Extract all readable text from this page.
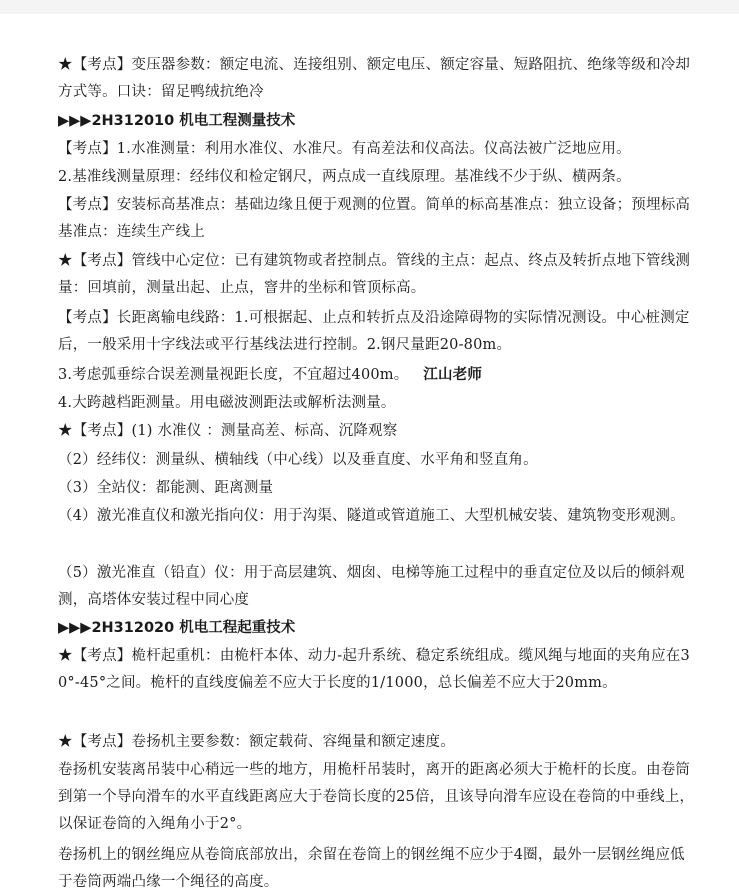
★【考点】变压器参数：额定电流、连接组别、额定电压、额定容量、短路阻抗、绝缘等级和冷却方式等。口诀：留足鸭绒抗绝冷
▶▶▶2H312010 机电工程测量技术
【考点】1.水准测量：利用水准仪、水准尺。有高差法和仪高法。仪高法被广泛地应用。
2.基准线测量原理：经纬仪和检定钢尺，两点成一直线原理。基准线不少于纵、横两条。
【考点】安装标高基准点：基础边缘且便于观测的位置。简单的标高基准点：独立设备；预埋标高基准点：连续生产线上
★【考点】管线中心定位：已有建筑物或者控制点。管线的主点：起点、终点及转折点地下管线测量：回填前，测量出起、止点，窨井的坐标和管顶标高。
【考点】长距离输电线路：1.可根据起、止点和转折点及沿途障碍物的实际情况测设。中心桩测定后，一般采用十字线法或平行基线法进行控制。2.钢尺量距20-80m。
3.考虑弧垂综合误差测量视距长度，不宜超过400m。 江山老师
4.大跨越档距测量。用电磁波测距法或解析法测量。
★【考点】(1) 水准仪 ：测量高差、标高、沉降观察
（2）经纬仪：测量纵、横轴线（中心线）以及垂直度、水平角和竖直角。
（3）全站仪：都能测、距离测量
（4）激光准直仪和激光指向仪：用于沟渠、隧道或管道施工、大型机械安装、建筑物变形观测。
（5）激光准直（铅直）仪：用于高层建筑、烟囱、电梯等施工过程中的垂直定位及以后的倾斜观测，高塔体安装过程中同心度
▶▶▶2H312020 机电工程起重技术
★【考点】桅杆起重机：由桅杆本体、动力-起升系统、稳定系统组成。缆风绳与地面的夹角应在30°-45°之间。桅杆的直线度偏差不应大于长度的1/1000，总长偏差不应大于20mm。
★【考点】卷扬机主要参数：额定载荷、容绳量和额定速度。
卷扬机安装离吊装中心稍远一些的地方，用桅杆吊装时，离开的距离必须大于桅杆的长度。由卷筒到第一个导向滑车的水平直线距离应大于卷筒长度的25倍，且该导向滑车应设在卷筒的中垂线上，以保证卷筒的入绳角小于2°。
卷扬机上的钢丝绳应从卷筒底部放出，余留在卷筒上的钢丝绳不应少于4圈，最外一层钢丝绳应低于卷筒两端凸缘一个绳径的高度。
